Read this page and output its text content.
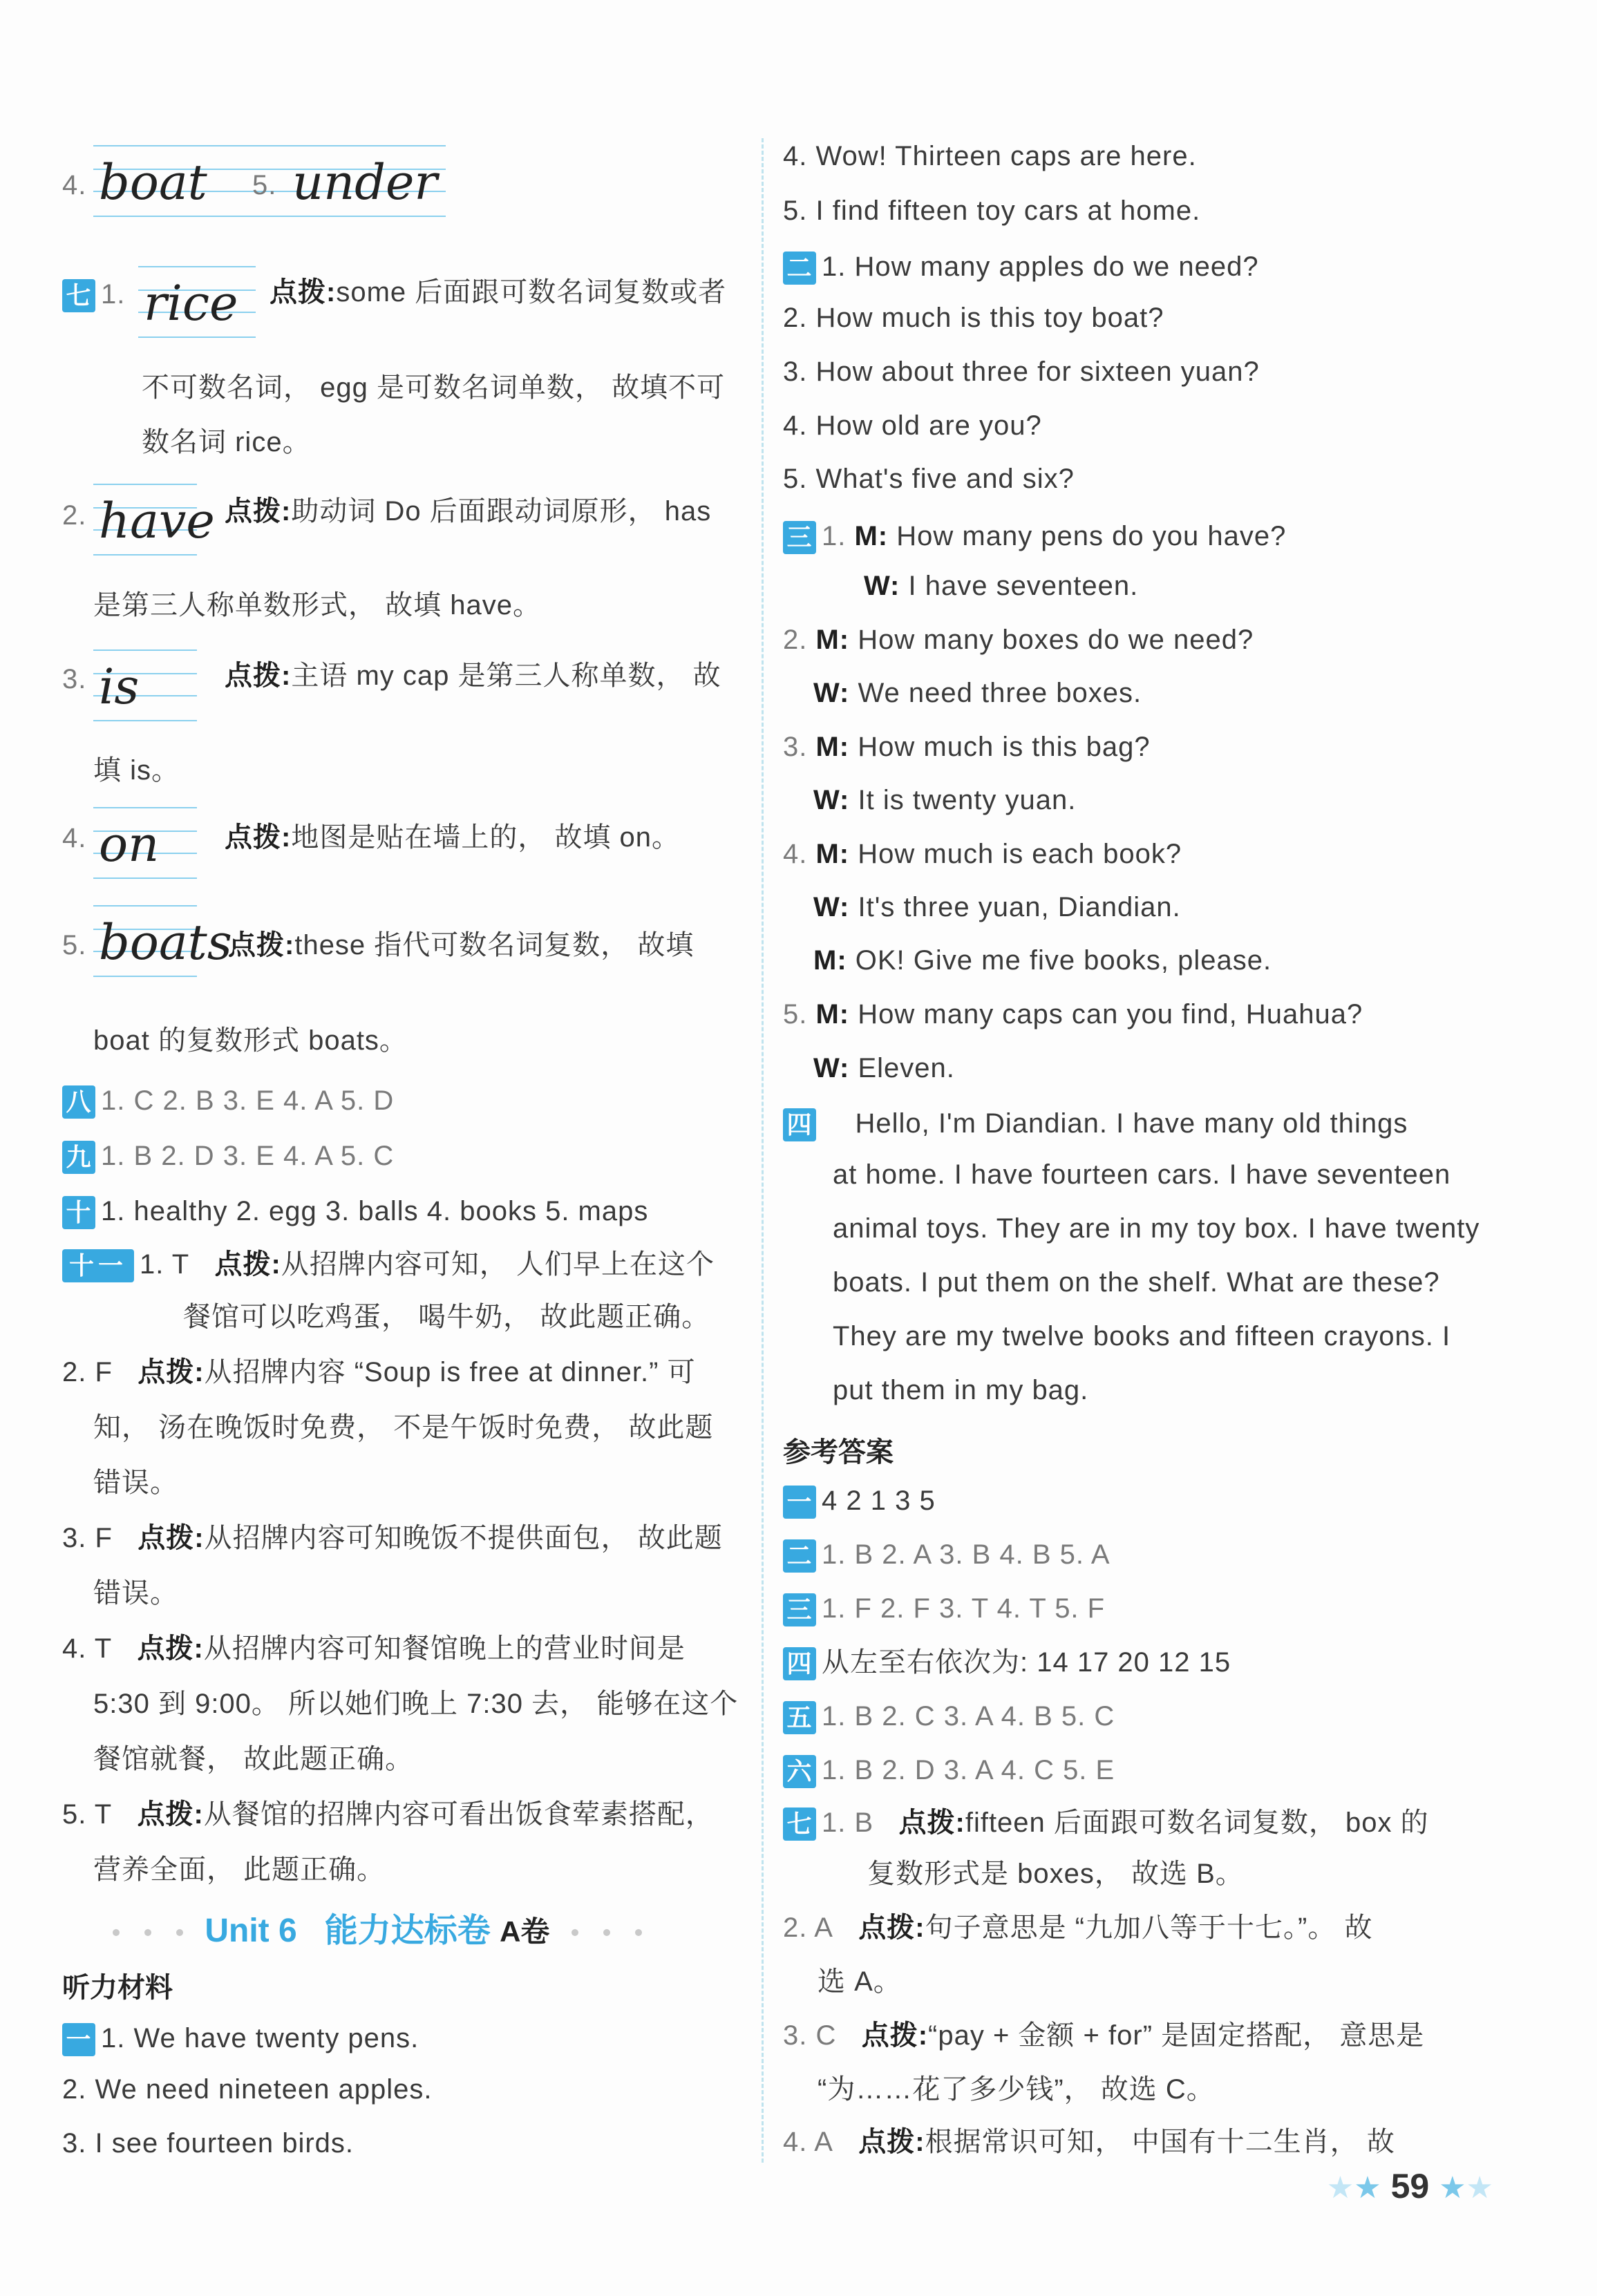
4. boat 5. under
七 1. rice 点拨:some 后面跟可数名词复数或者
不可数名词， egg 是可数名词单数， 故填不可
数名词 rice。
2. have 点拨:助动词 Do 后面跟动词原形， has
是第三人称单数形式， 故填 have。
3. is	点拨:主语 my cap 是第三人称单数， 故
填 is。
4. on 点拨:地图是贴在墙上的， 故填 on。
5. boats
点拨:these 指代可数名词复数， 故填
boat 的复数形式 boats。
八 1. C 2. B 3. E 4. A 5. D
九 1. B 2. D 3. E 4. A 5. C
十 1. healthy 2. egg 3. balls 4. books 5. maps
十一 1. T 点拨:从招牌内容可知， 人们早上在这个
餐馆可以吃鸡蛋， 喝牛奶， 故此题正确。
2. F 点拨:从招牌内容 “Soup is free at dinner.” 可
知， 汤在晚饭时免费， 不是午饭时免费， 故此题
错误。
3. F 点拨:从招牌内容可知晚饭不提供面包， 故此题
错误。
4. T 点拨:从招牌内容可知餐馆晚上的营业时间是
5:30 到 9:00。 所以她们晚上 7:30 去， 能够在这个
餐馆就餐， 故此题正确。
5. T 点拨:从餐馆的招牌内容可看出饭食荤素搭配，
营养全面， 此题正确。
Unit 6 能力达标卷 A卷
听力材料
一 1. We have twenty pens.
2. We need nineteen apples.
3. I see fourteen birds.
4. Wow! Thirteen caps are here.
5. I find fifteen toy cars at home.
二 1. How many apples do we need?
2. How much is this toy boat?
3. How about three for sixteen yuan?
4. How old are you?
5. What's five and six?
三 1. M: How many pens do you have?
W: I have seventeen.
2. M: How many boxes do we need?
W: We need three boxes.
3. M: How much is this bag?
W: It is twenty yuan.
4. M: How much is each book?
W: It's three yuan, Diandian.
M: OK! Give me five books, please.
5. M: How many caps can you find, Huahua?
W: Eleven.
四 Hello, I'm Diandian. I have many old things
at home. I have fourteen cars. I have seventeen
animal toys. They are in my toy box. I have twenty
boats. I put them on the shelf. What are these?
They are my twelve books and fifteen crayons. I
put them in my bag.
参考答案
一 4 2 1 3 5
二 1. B 2. A 3. B 4. B 5. A
三 1. F 2. F 3. T 4. T 5. F
四 从左至右依次为: 14 17 20 12 15
五 1. B 2. C 3. A 4. B 5. C
六 1. B 2. D 3. A 4. C 5. E
七 1. B 点拨:fifteen 后面跟可数名词复数， box 的
复数形式是 boxes， 故选 B。
2. A 点拨:句子意思是 “九加八等于十七。”。 故
选 A。
3. C 点拨:“pay + 金额 + for” 是固定搭配， 意思是
“为……花了多少钱”， 故选 C。
4. A 点拨:根据常识可知， 中国有十二生肖， 故
★★ 59 ★★
